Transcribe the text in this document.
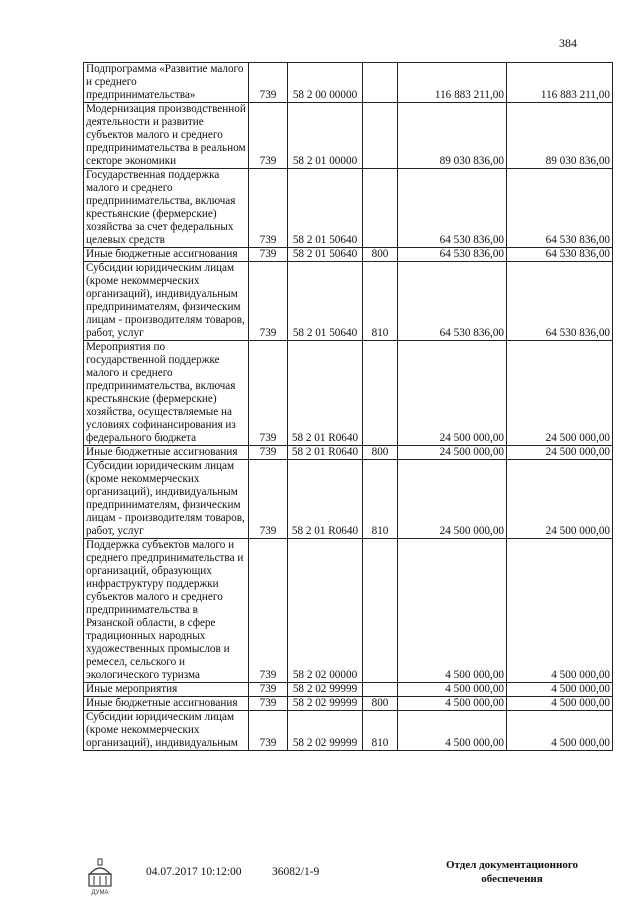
384
Подпрограмма «Развитие малого и среднего предпринимательства»	739	58 2 00 00000		116 883 211,00	116 883 211,00
Модернизация производственной деятельности и развитие субъектов малого и среднего предпринимательства в реальном секторе экономики	739	58 2 01 00000		89 030 836,00	89 030 836,00
Государственная поддержка малого и среднего предпринимательства, включая крестьянские (фермерские) хозяйства за счет федеральных целевых средств	739	58 2 01 50640		64 530 836,00	64 530 836,00
Иные бюджетные ассигнования	739	58 2 01 50640	800	64 530 836,00	64 530 836,00
Субсидии юридическим лицам (кроме некоммерческих организаций), индивидуальным предпринимателям, физическим лицам - производителям товаров, работ, услуг	739	58 2 01 50640	810	64 530 836,00	64 530 836,00
Мероприятия по государственной поддержке малого и среднего предпринимательства, включая крестьянские (фермерские) хозяйства, осуществляемые на условиях софинансирования из федерального бюджета	739	58 2 01 R0640		24 500 000,00	24 500 000,00
Иные бюджетные ассигнования	739	58 2 01 R0640	800	24 500 000,00	24 500 000,00
Субсидии юридическим лицам (кроме некоммерческих организаций), индивидуальным предпринимателям, физическим лицам - производителям товаров, работ, услуг	739	58 2 01 R0640	810	24 500 000,00	24 500 000,00
Поддержка субъектов малого и среднего предпринимательства и организаций, образующих инфраструктуру поддержки субъектов малого и среднего предпринимательства в Рязанской области, в сфере традиционных народных художественных промыслов и ремесел, сельского и экологического туризма	739	58 2 02 00000		4 500 000,00	4 500 000,00
Иные мероприятия	739	58 2 02 99999		4 500 000,00	4 500 000,00
Иные бюджетные ассигнования	739	58 2 02 99999	800	4 500 000,00	4 500 000,00
Субсидии юридическим лицам (кроме некоммерческих организаций), индивидуальным	739	58 2 02 99999	810	4 500 000,00	4 500 000,00
ДУМА
04.07.2017 10:12:00	36082/1-9
Отдел документационного
обеспечения
